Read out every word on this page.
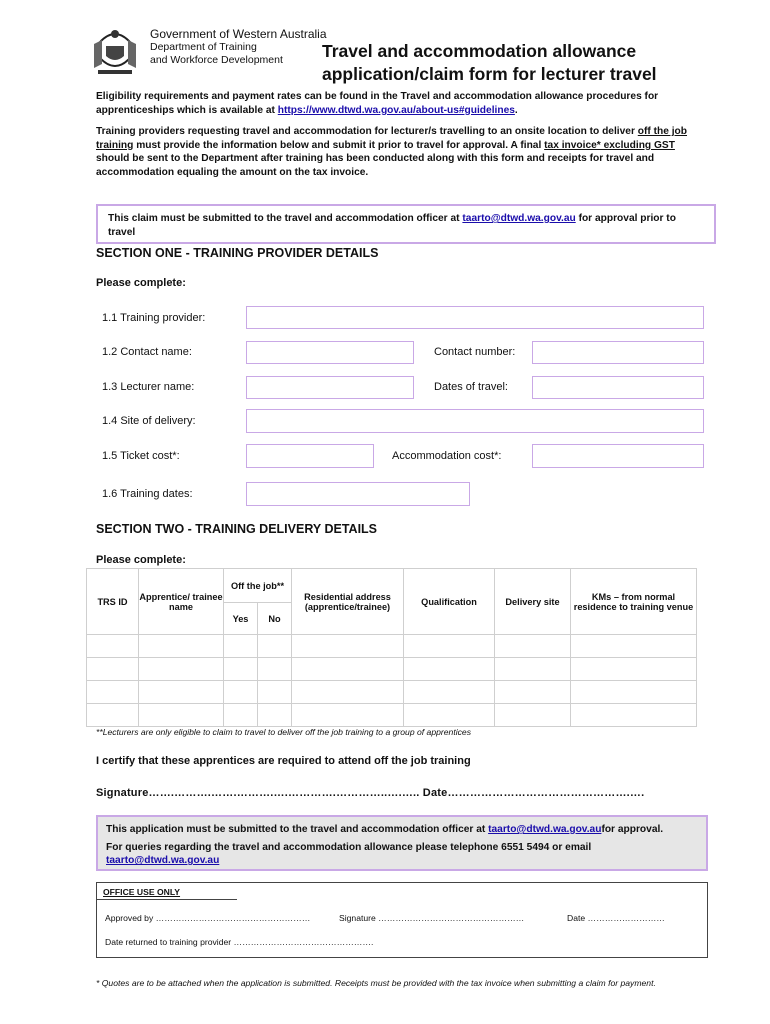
Government of Western Australia
Department of Training
and Workforce Development	Travel and accommodation allowance
application/claim form for lecturer travel
Eligibility requirements and payment rates can be found in the Travel and accommodation allowance procedures for apprenticeships which is available at https://www.dtwd.wa.gov.au/about-us#guidelines.
Training providers requesting travel and accommodation for lecturer/s travelling to an onsite location to deliver off the job training must provide the information below and submit it prior to travel for approval. A final tax invoice* excluding GST should be sent to the Department after training has been conducted along with this form and receipts for travel and accommodation equaling the amount on the tax invoice.
This claim must be submitted to the travel and accommodation officer at taarto@dtwd.wa.gov.au for approval prior to travel
SECTION ONE - TRAINING PROVIDER DETAILS
Please complete:
1.1 Training provider:
1.2 Contact name:	Contact number:
1.3 Lecturer name:	Dates of travel:
1.4 Site of delivery:
1.5 Ticket cost*:	Accommodation cost*:
1.6 Training dates:
SECTION TWO - TRAINING DELIVERY DETAILS
Please complete:
TRS ID	Apprentice/ trainee name	Off the job**		Residential address (apprentice/trainee)	Qualification	Delivery site	KMs – from normal residence to training venue
		Yes	No				

**Lecturers are only eligible to claim to travel to deliver off the job training to a group of apprentices
I certify that these apprentices are required to attend off the job training
Signature…….……….…….……….….………….…………..….….. Date………………………………………….….
This application must be submitted to the travel and accommodation officer at taarto@dtwd.wa.gov.aufor approval.
For queries regarding the travel and accommodation allowance please telephone 6551 5494 or email
taarto@dtwd.wa.gov.au
OFFICE USE ONLY
Approved by ………………………………………………	Signature ……………………………………………	Date ………………………
Date returned to training provider ………………………………………….
* Quotes are to be attached when the application is submitted. Receipts must be provided with the tax invoice when submitting a claim for payment.
